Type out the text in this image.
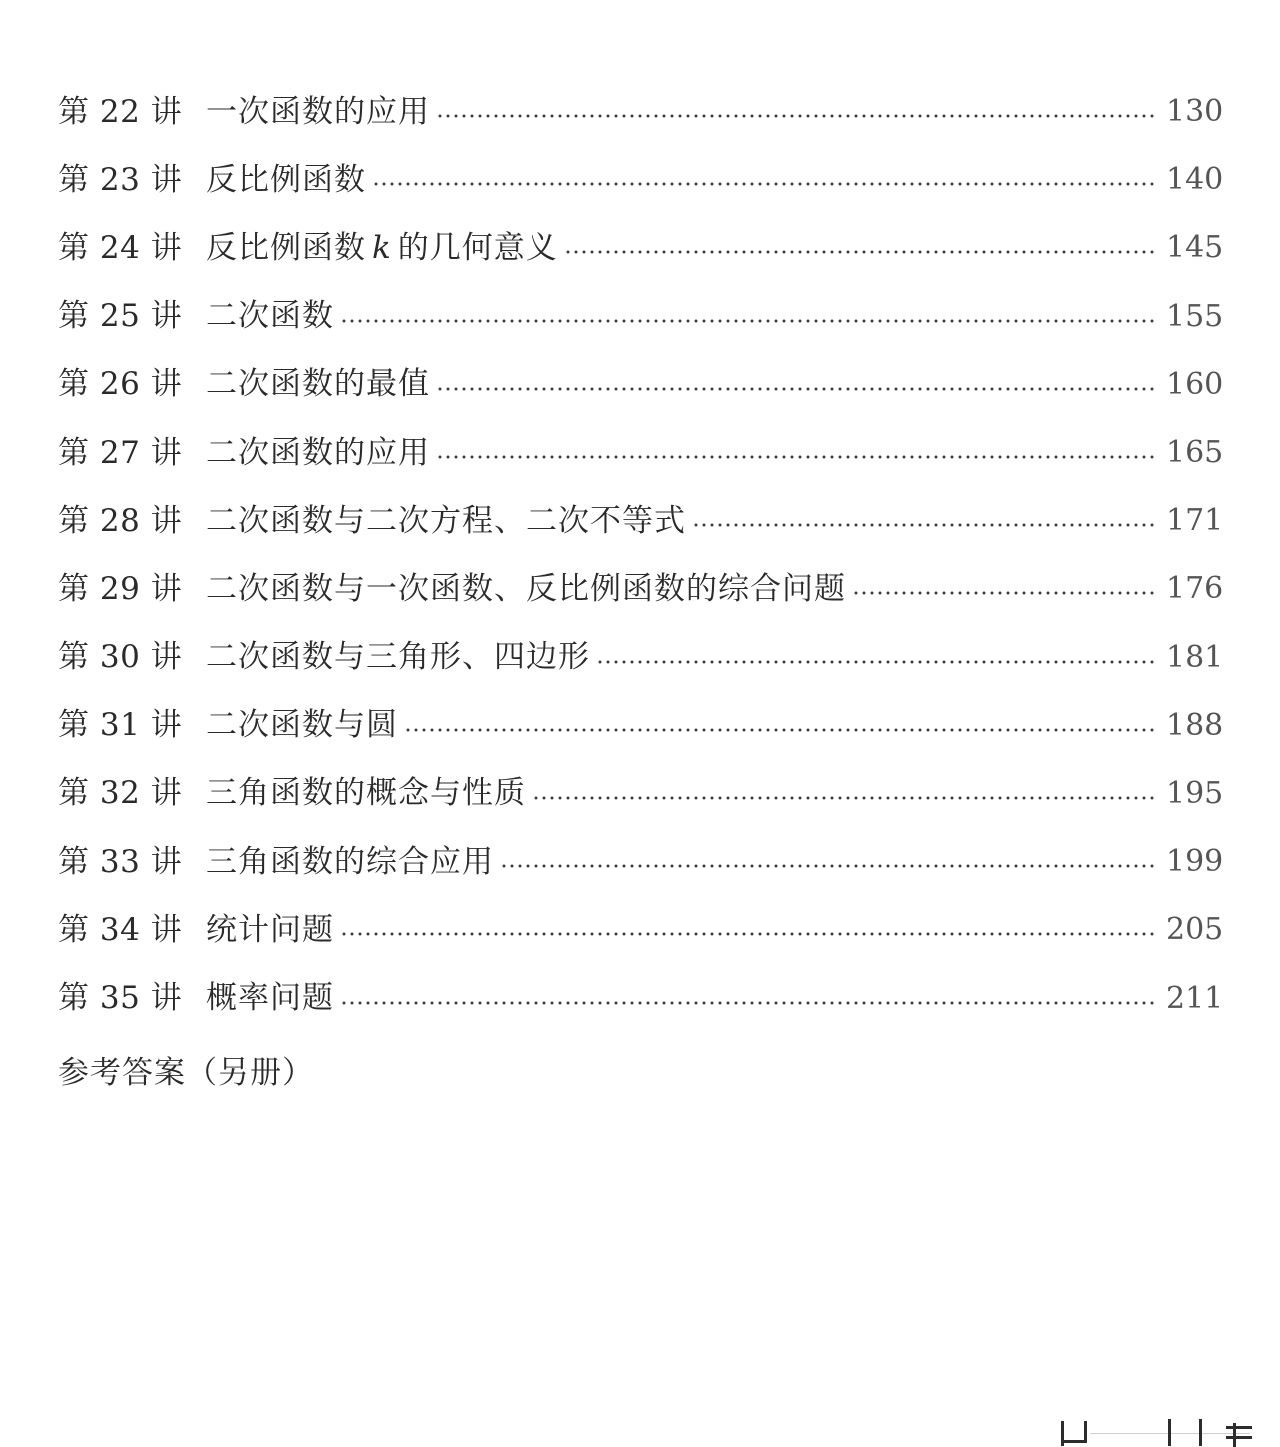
第 22 讲 一次函数的应用	130
第 23 讲 反比例函数	140
第 24 讲 反比例函数 k 的几何意义	145
第 25 讲 二次函数	155
第 26 讲 二次函数的最值	160
第 27 讲 二次函数的应用	165
第 28 讲 二次函数与二次方程、二次不等式	171
第 29 讲 二次函数与一次函数、反比例函数的综合问题	176
第 30 讲 二次函数与三角形、四边形	181
第 31 讲 二次函数与圆	188
第 32 讲 三角函数的概念与性质	195
第 33 讲 三角函数的综合应用	199
第 34 讲 统计问题	205
第 35 讲 概率问题	211
参考答案（另册）
